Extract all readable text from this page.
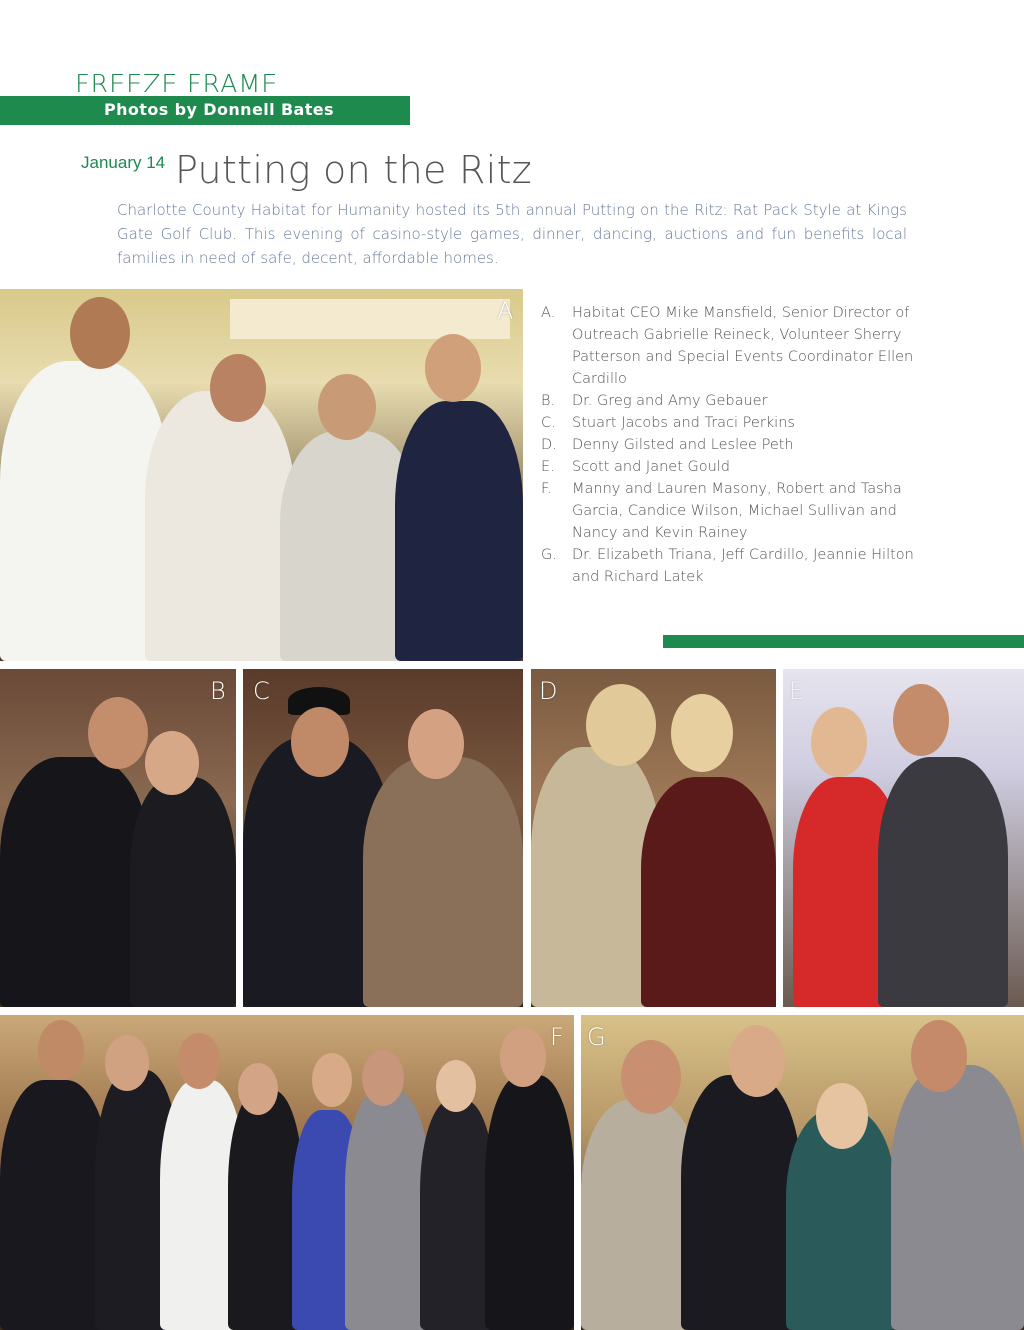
FREEZE FRAME
Photos by Donnell Bates
January 14 Putting on the Ritz
Charlotte County Habitat for Humanity hosted its 5th annual Putting on the Ritz: Rat Pack Style at Kings Gate Golf Club. This evening of casino-style games, dinner, dancing, auctions and fun benefits local families in need of safe, decent, affordable homes.
A A. Habitat CEO Mike Mansfield, Senior Director of Outreach Gabrielle Reineck, Volunteer Sherry Patterson and Special Events Coordinator Ellen Cardillo
B. Dr. Greg and Amy Gebauer
C. Stuart Jacobs and Traci Perkins
D. Denny Gilsted and Leslee Peth
E. Scott and Janet Gould
F. Manny and Lauren Masony, Robert and Tasha Garcia, Candice Wilson, Michael Sullivan and Nancy and Kevin Rainey
G. Dr. Elizabeth Triana, Jeff Cardillo, Jeannie Hilton and Richard Latek
B C	D
 	E
F G
